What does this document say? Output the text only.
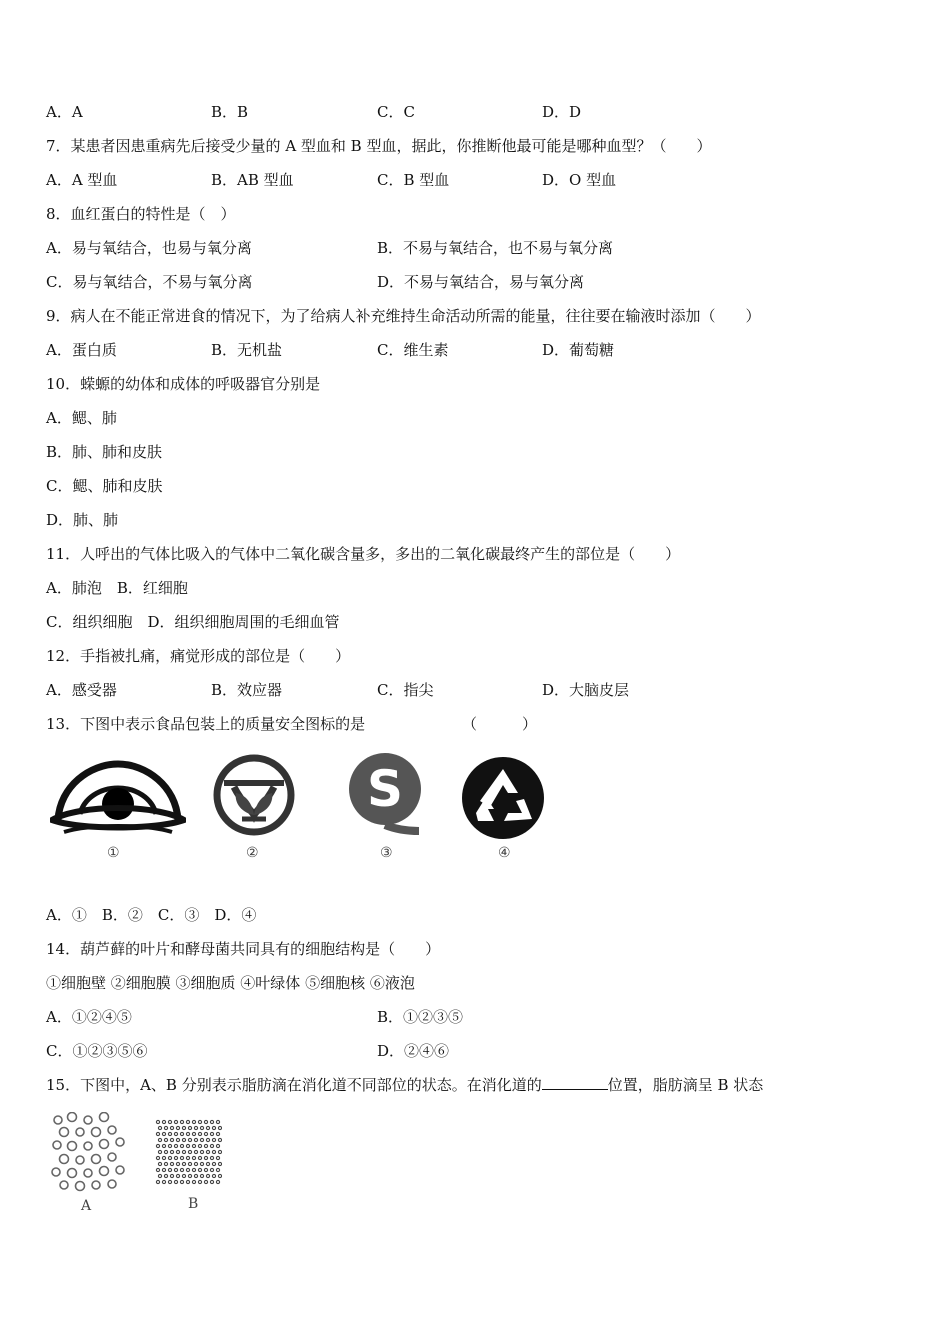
A．A	B．B	C．C	D．D
7．某患者因患重病先后接受少量的 A 型血和 B 型血，据此，你推断他最可能是哪种血型？（　　）
A．A 型血	B．AB 型血	C．B 型血	D．O 型血
8．血红蛋白的特性是（　）
A．易与氧结合，也易与氧分离	B．不易与氧结合，也不易与氧分离
C．易与氧结合，不易与氧分离	D．不易与氧结合，易与氧分离
9．病人在不能正常进食的情况下，为了给病人补充维持生命活动所需的能量，往往要在输液时添加（　　）
A．蛋白质	B．无机盐	C．维生素	D．葡萄糖
10．蝾螈的幼体和成体的呼吸器官分别是
A．鳃、肺
B．肺、肺和皮肤
C．鳃、肺和皮肤
D．肺、肺
11．人呼出的气体比吸入的气体中二氧化碳含量多，多出的二氧化碳最终产生的部位是（　　）
A．肺泡　B．红细胞
C．组织细胞　D．组织细胞周围的毛细血管
12．手指被扎痛，痛觉形成的部位是（　　）
A．感受器	B．效应器	C．指尖	D．大脑皮层
13．下图中表示食品包装上的质量安全图标的是	（　　　）
①	②
S
③	④
A．①　B．②　C．③　D．④
14．葫芦藓的叶片和酵母菌共同具有的细胞结构是（　　）
①细胞壁 ②细胞膜 ③细胞质 ④叶绿体 ⑤细胞核 ⑥液泡
A．①②④⑤	B．①②③⑤
C．①②③⑤⑥	D．②④⑥
15．下图中，A、B 分别表示脂肪滴在消化道不同部位的状态。在消化道的	位置，脂肪滴呈 B 状态
A	B
